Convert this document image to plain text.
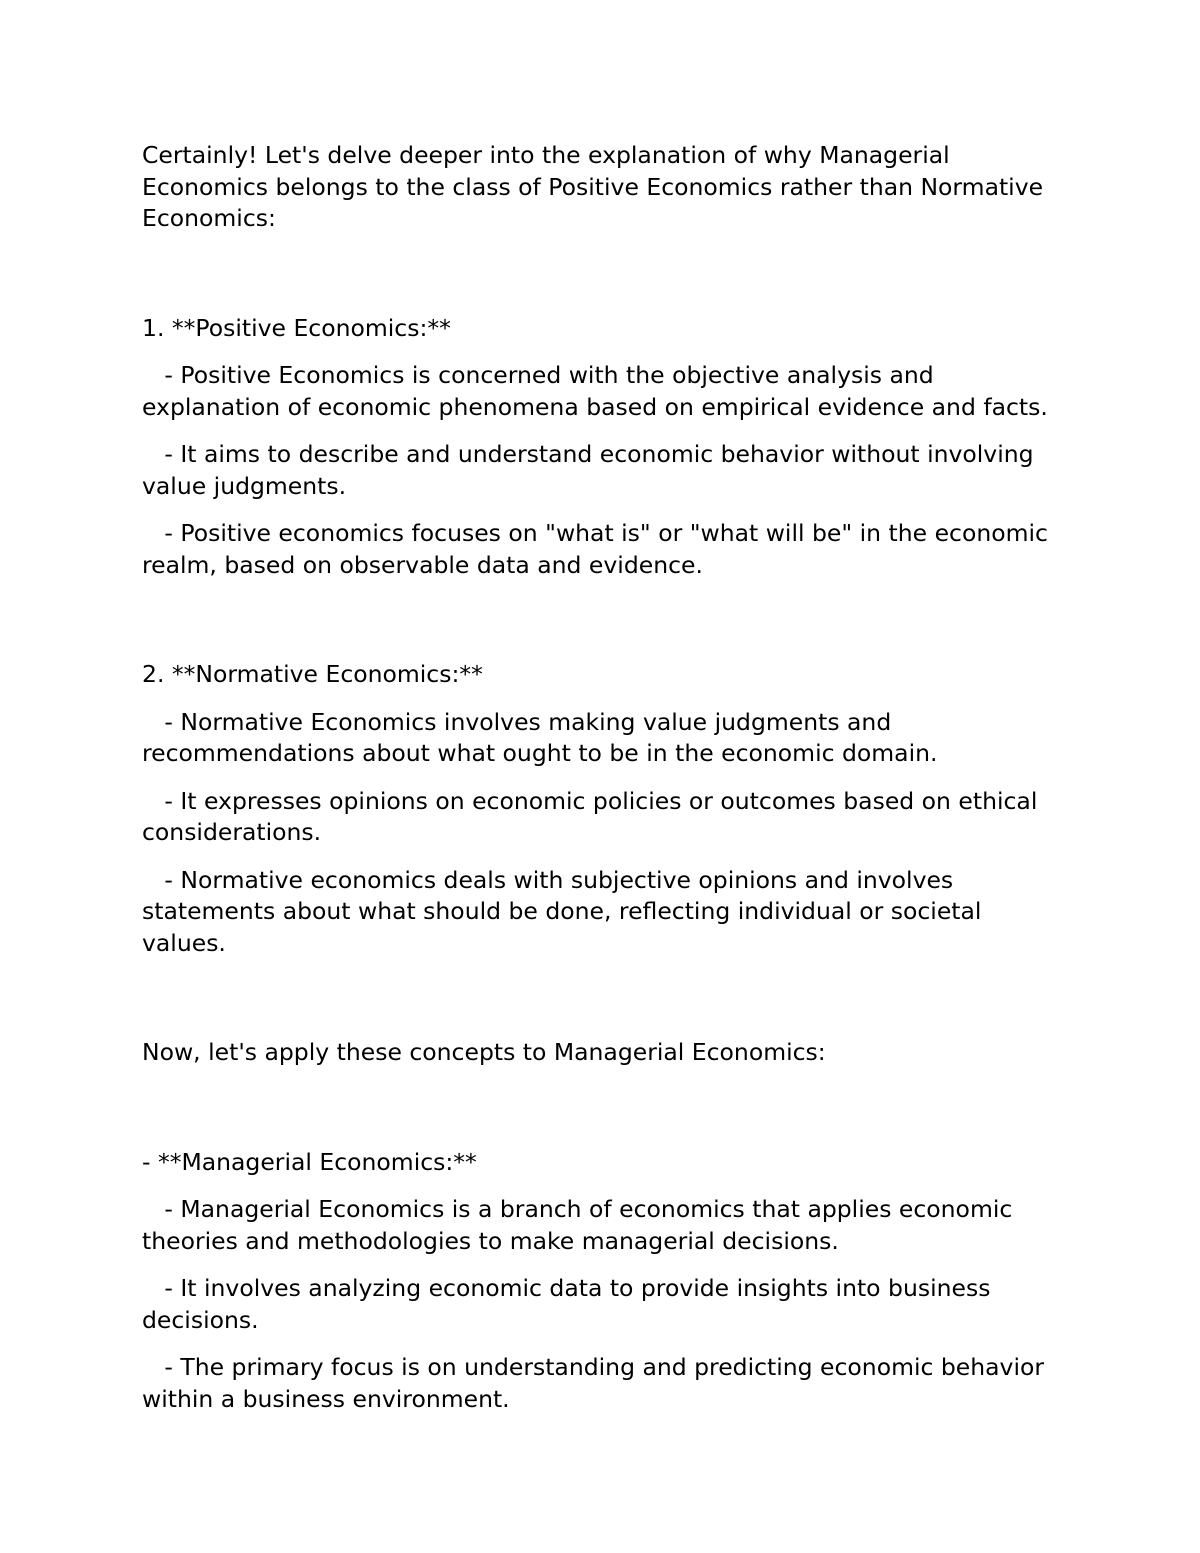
Certainly! Let's delve deeper into the explanation of why Managerial Economics belongs to the class of Positive Economics rather than Normative Economics:

1. **Positive Economics:**

- Positive Economics is concerned with the objective analysis and explanation of economic phenomena based on empirical evidence and facts.

- It aims to describe and understand economic behavior without involving value judgments.

- Positive economics focuses on "what is" or "what will be" in the economic realm, based on observable data and evidence.

2. **Normative Economics:**

- Normative Economics involves making value judgments and recommendations about what ought to be in the economic domain.

- It expresses opinions on economic policies or outcomes based on ethical considerations.

- Normative economics deals with subjective opinions and involves statements about what should be done, reflecting individual or societal values.

Now, let's apply these concepts to Managerial Economics:

- **Managerial Economics:**

- Managerial Economics is a branch of economics that applies economic theories and methodologies to make managerial decisions.

- It involves analyzing economic data to provide insights into business decisions.

- The primary focus is on understanding and predicting economic behavior within a business environment.
